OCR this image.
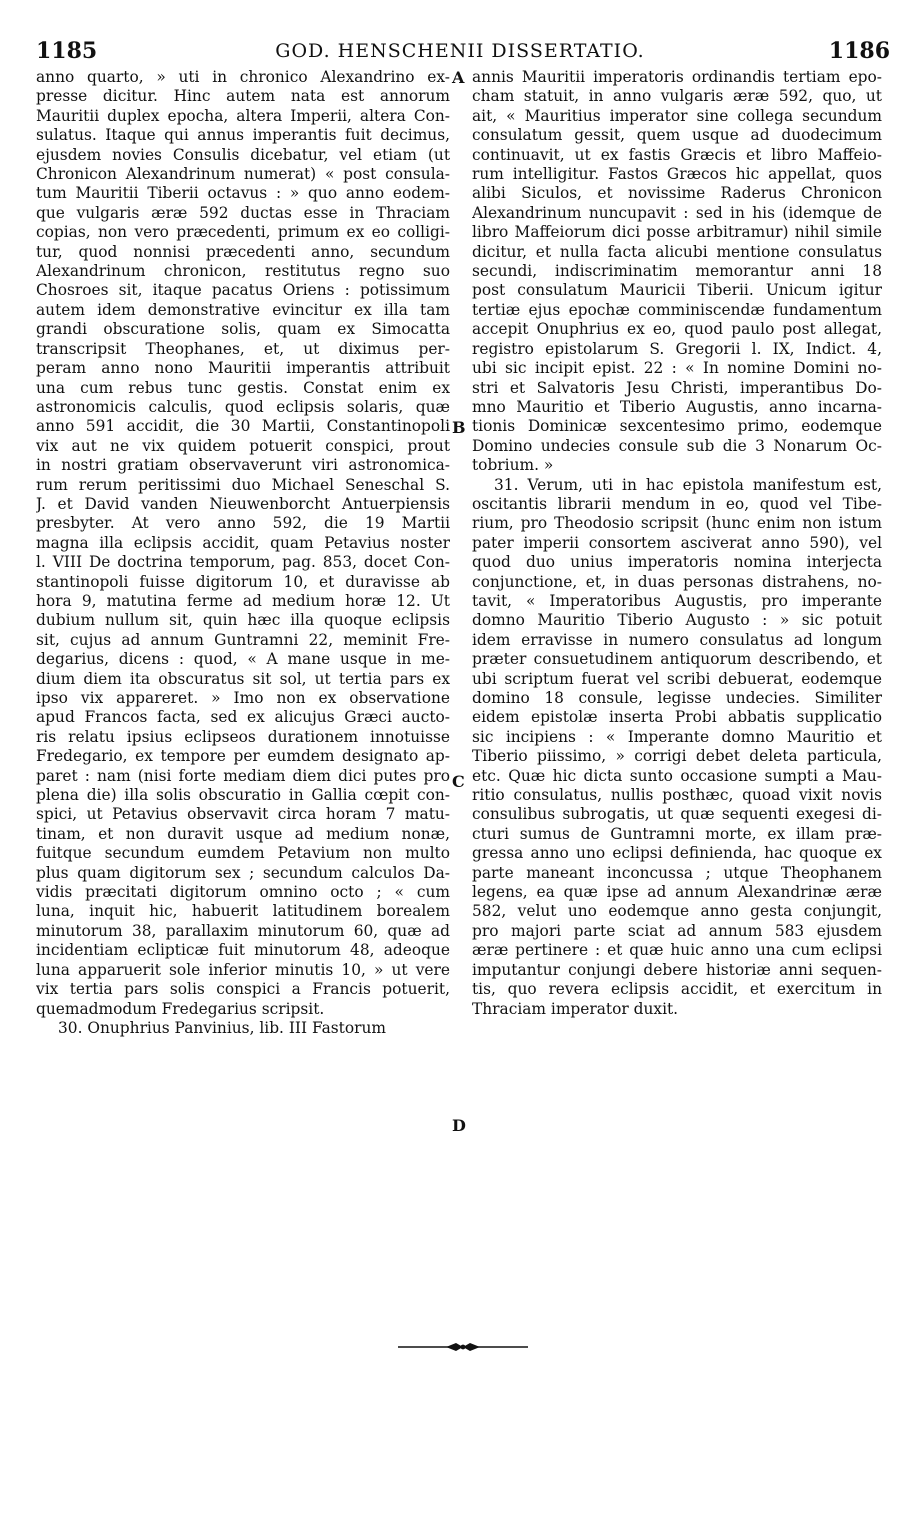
1185	GOD. HENSCHENII DISSERTATIO.	1186
A
B
C
D
anno quarto, » uti in chronico Alexandrino ex-
presse dicitur. Hinc autem nata est annorum
Mauritii duplex epocha, altera Imperii, altera Con-
sulatus. Itaque qui annus imperantis fuit decimus,
ejusdem novies Consulis dicebatur, vel etiam (ut
Chronicon Alexandrinum numerat) « post consula-
tum Mauritii Tiberii octavus : » quo anno eodem-
que vulgaris æræ 592 ductas esse in Thraciam
copias, non vero præcedenti, primum ex eo colligi-
tur, quod nonnisi præcedenti anno, secundum
Alexandrinum chronicon, restitutus regno suo
Chosroes sit, itaque pacatus Oriens : potissimum
autem idem demonstrative evincitur ex illa tam
grandi obscuratione solis, quam ex Simocatta
transcripsit Theophanes, et, ut diximus per-
peram anno nono Mauritii imperantis attribuit
una cum rebus tunc gestis. Constat enim ex
astronomicis calculis, quod eclipsis solaris, quæ
anno 591 accidit, die 30 Martii, Constantinopoli
vix aut ne vix quidem potuerit conspici, prout
in nostri gratiam observaverunt viri astronomica-
rum rerum peritissimi duo Michael Seneschal S.
J. et David vanden Nieuwenborcht Antuerpiensis
presbyter. At vero anno 592, die 19 Martii
magna illa eclipsis accidit, quam Petavius noster
l. VIII De doctrina temporum, pag. 853, docet Con-
stantinopoli fuisse digitorum 10, et duravisse ab
hora 9, matutina ferme ad medium horæ 12. Ut
dubium nullum sit, quin hæc illa quoque eclipsis
sit, cujus ad annum Guntramni 22, meminit Fre-
degarius, dicens : quod, « A mane usque in me-
dium diem ita obscuratus sit sol, ut tertia pars ex
ipso vix appareret. » Imo non ex observatione
apud Francos facta, sed ex alicujus Græci aucto-
ris relatu ipsius eclipseos durationem innotuisse
Fredegario, ex tempore per eumdem designato ap-
paret : nam (nisi forte mediam diem dici putes pro
plena die) illa solis obscuratio in Gallia cœpit con-
spici, ut Petavius observavit circa horam 7 matu-
tinam, et non duravit usque ad medium nonæ,
fuitque secundum eumdem Petavium non multo
plus quam digitorum sex ; secundum calculos Da-
vidis præcitati digitorum omnino octo ; « cum
luna, inquit hic, habuerit latitudinem borealem
minutorum 38, parallaxim minutorum 60, quæ ad
incidentiam eclipticæ fuit minutorum 48, adeoque
luna apparuerit sole inferior minutis 10, » ut vere
vix tertia pars solis conspici a Francis potuerit,
quemadmodum Fredegarius scripsit.
30. Onuphrius Panvinius, lib. III Fastorum
annis Mauritii imperatoris ordinandis tertiam epo-
cham statuit, in anno vulgaris æræ 592, quo, ut
ait, « Mauritius imperator sine collega secundum
consulatum gessit, quem usque ad duodecimum
continuavit, ut ex fastis Græcis et libro Maffeio-
rum intelligitur. Fastos Græcos hic appellat, quos
alibi Siculos, et novissime Raderus Chronicon
Alexandrinum nuncupavit : sed in his (idemque de
libro Maffeiorum dici posse arbitramur) nihil simile
dicitur, et nulla facta alicubi mentione consulatus
secundi, indiscriminatim memorantur anni 18
post consulatum Mauricii Tiberii. Unicum igitur
tertiæ ejus epochæ comminiscendæ fundamentum
accepit Onuphrius ex eo, quod paulo post allegat,
registro epistolarum S. Gregorii l. IX, Indict. 4,
ubi sic incipit epist. 22 : « In nomine Domini no-
stri et Salvatoris Jesu Christi, imperantibus Do-
mno Mauritio et Tiberio Augustis, anno incarna-
tionis Dominicæ sexcentesimo primo, eodemque
Domino undecies consule sub die 3 Nonarum Oc-
tobrium. »
31. Verum, uti in hac epistola manifestum est,
oscitantis librarii mendum in eo, quod vel Tibe-
rium, pro Theodosio scripsit (hunc enim non istum
pater imperii consortem asciverat anno 590), vel
quod duo unius imperatoris nomina interjecta
conjunctione, et, in duas personas distrahens, no-
tavit, « Imperatoribus Augustis, pro imperante
domno Mauritio Tiberio Augusto : » sic potuit
idem erravisse in numero consulatus ad longum
præter consuetudinem antiquorum describendo, et
ubi scriptum fuerat vel scribi debuerat, eodemque
domino 18 consule, legisse undecies. Similiter
eidem epistolæ inserta Probi abbatis supplicatio
sic incipiens : « Imperante domno Mauritio et
Tiberio piissimo, » corrigi debet deleta particula,
etc. Quæ hic dicta sunto occasione sumpti a Mau-
ritio consulatus, nullis posthæc, quoad vixit novis
consulibus subrogatis, ut quæ sequenti exegesi di-
cturi sumus de Guntramni morte, ex illam præ-
gressa anno uno eclipsi definienda, hac quoque ex
parte maneant inconcussa ; utque Theophanem
legens, ea quæ ipse ad annum Alexandrinæ æræ
582, velut uno eodemque anno gesta conjungit,
pro majori parte sciat ad annum 583 ejusdem
æræ pertinere : et quæ huic anno una cum eclipsi
imputantur conjungi debere historiæ anni sequen-
tis, quo revera eclipsis accidit, et exercitum in
Thraciam imperator duxit.
